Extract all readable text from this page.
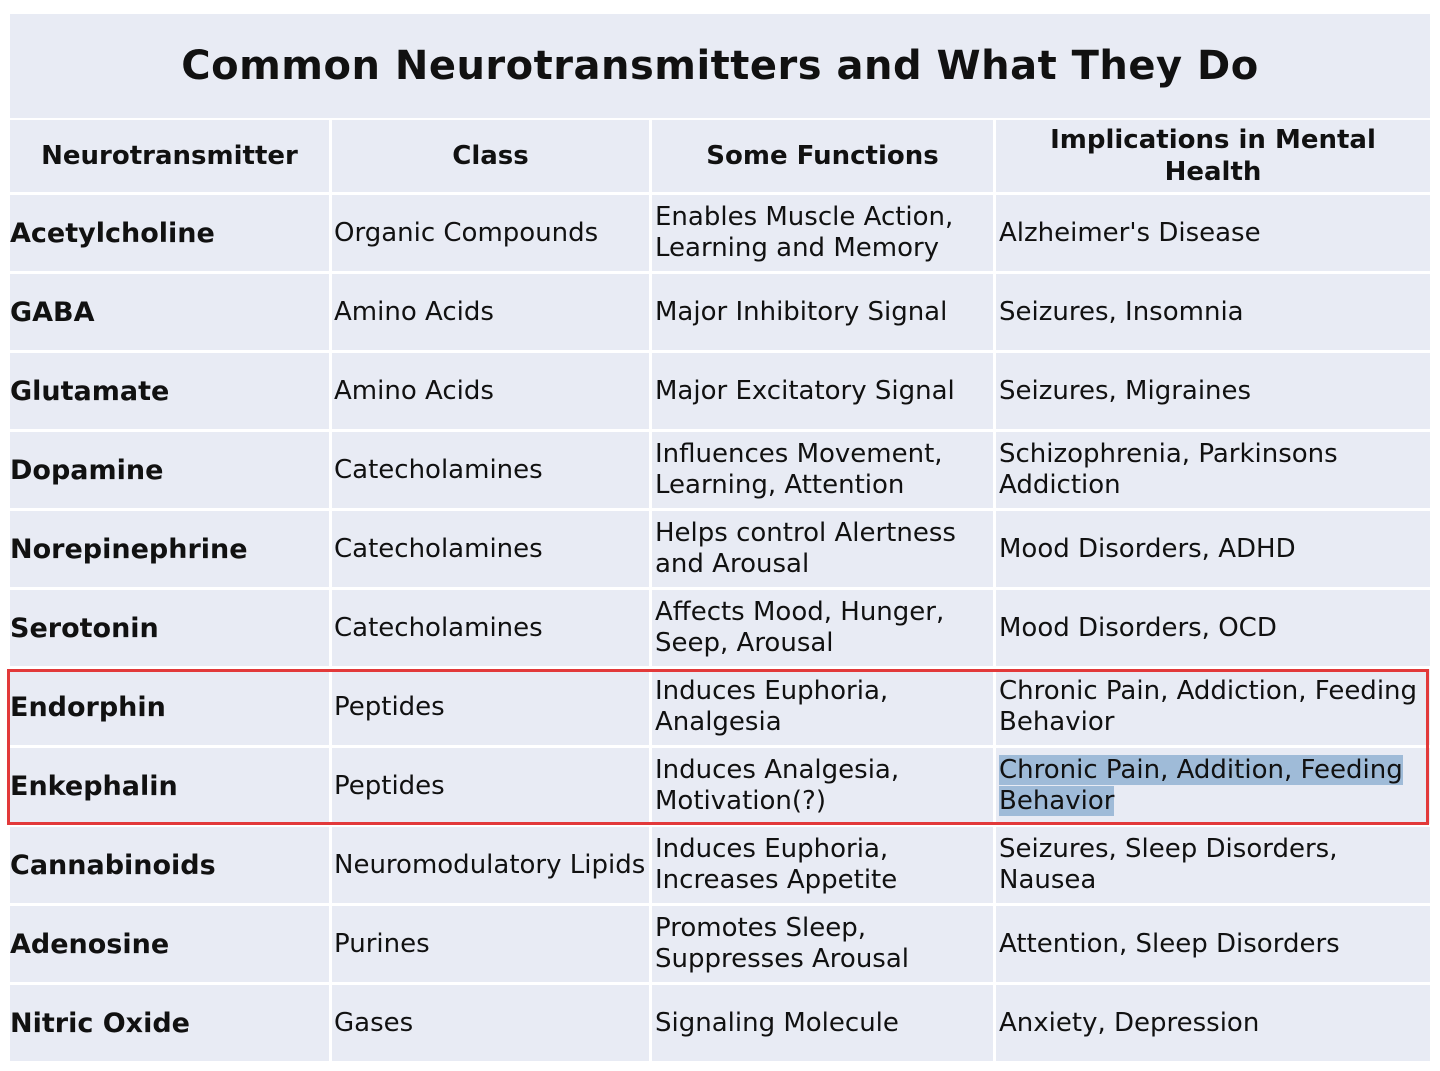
Common Neurotransmitters and What They Do
Neurotransmitter	Class	Some Functions	Implications in Mental Health
Acetylcholine	Organic Compounds	Enables Muscle Action, Learning and Memory	Alzheimer's Disease
GABA	Amino Acids	Major Inhibitory Signal	Seizures, Insomnia
Glutamate	Amino Acids	Major Excitatory Signal	Seizures, Migraines
Dopamine	Catecholamines	Influences Movement, Learning, Attention	Schizophrenia, Parkinsons Addiction
Norepinephrine	Catecholamines	Helps control Alertness and Arousal	Mood Disorders, ADHD
Serotonin	Catecholamines	Affects Mood, Hunger, Seep, Arousal	Mood Disorders, OCD
Endorphin	Peptides	Induces Euphoria, Analgesia	Chronic Pain, Addiction, Feeding Behavior
Enkephalin	Peptides	Induces Analgesia, Motivation(?)	Chronic Pain, Addition, Feeding Behavior
Cannabinoids	Neuromodulatory Lipids	Induces Euphoria, Increases Appetite	Seizures, Sleep Disorders, Nausea
Adenosine	Purines	Promotes Sleep, Suppresses Arousal	Attention, Sleep Disorders
Nitric Oxide	Gases	Signaling Molecule	Anxiety, Depression
